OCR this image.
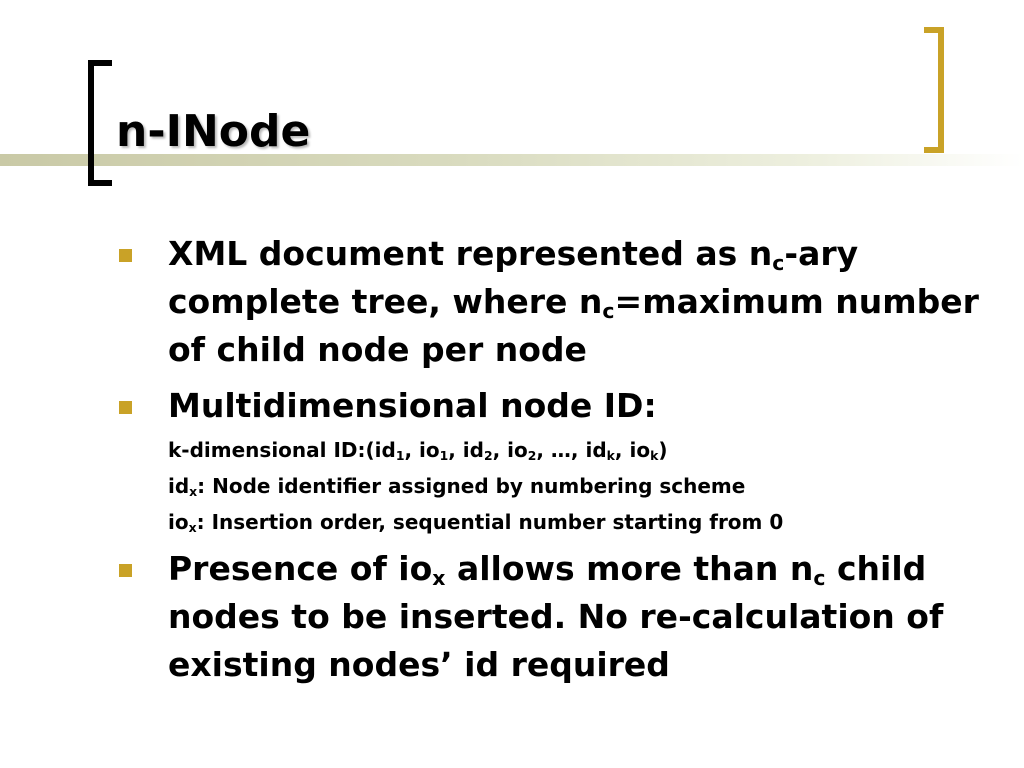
n-INode
XML document represented as $n_c$-ary complete tree, where $n_c=maximum$ number of child node per node
Multidimensional node ID:
k-dimensional $ID:(id_1$, $io_1$, $id_2$, $io_2$, …, $id_k$, $io_k$)
$id_x$: Node identifier assigned by numbering scheme
$io_x$: Insertion order, sequential number starting from 0
Presence of $io_x$ allows more than $n_c$ child nodes to be inserted. No re-calculation of existing nodes’ id required
